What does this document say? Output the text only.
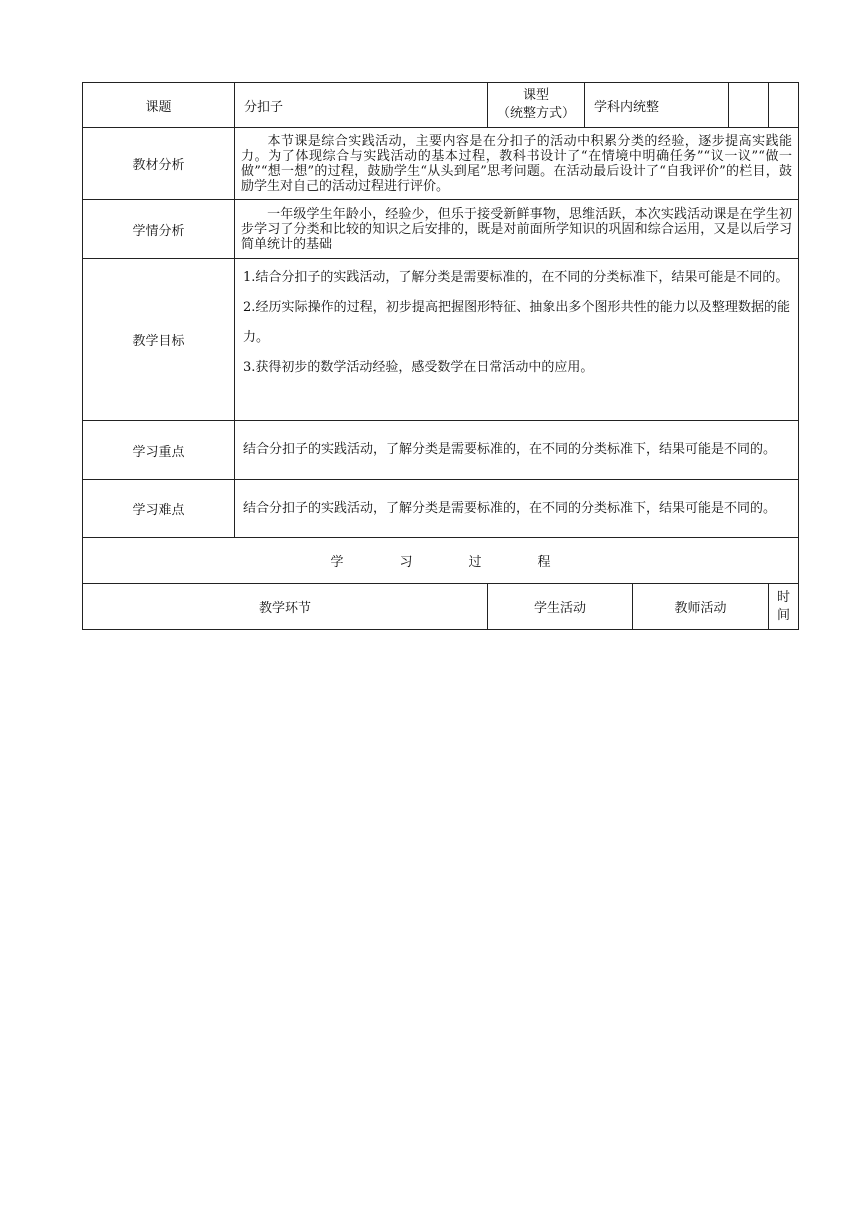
课题	分扣子	课型
（统整方式）	学科内统整			
教材分析	本节课是综合实践活动，主要内容是在分扣子的活动中积累分类的经验，逐步提高实践能力。为了体现综合与实践活动的基本过程，教科书设计了“在情境中明确任务”“议一议”“做一做”“想一想”的过程，鼓励学生“从头到尾”思考问题。在活动最后设计了“自我评价”的栏目，鼓励学生对自己的活动过程进行评价。					
学情分析	一年级学生年龄小，经验少，但乐于接受新鲜事物，思维活跃，本次实践活动课是在学生初步学习了分类和比较的知识之后安排的，既是对前面所学知识的巩固和综合运用，又是以后学习简单统计的基础					
教学目标	1.结合分扣子的实践活动，了解分类是需要标准的，在不同的分类标准下，结果可能是不同的。
2.经历实际操作的过程，初步提高把握图形特征、抽象出多个图形共性的能力以及整理数据的能力。
3.获得初步的数学活动经验，感受数学在日常活动中的应用。					

学习重点	结合分扣子的实践活动，了解分类是需要标准的，在不同的分类标准下，结果可能是不同的。					
学习难点	结合分扣子的实践活动，了解分类是需要标准的，在不同的分类标准下，结果可能是不同的。					
学 习 过 程						
教学环节		学生活动		教师活动		时
间
